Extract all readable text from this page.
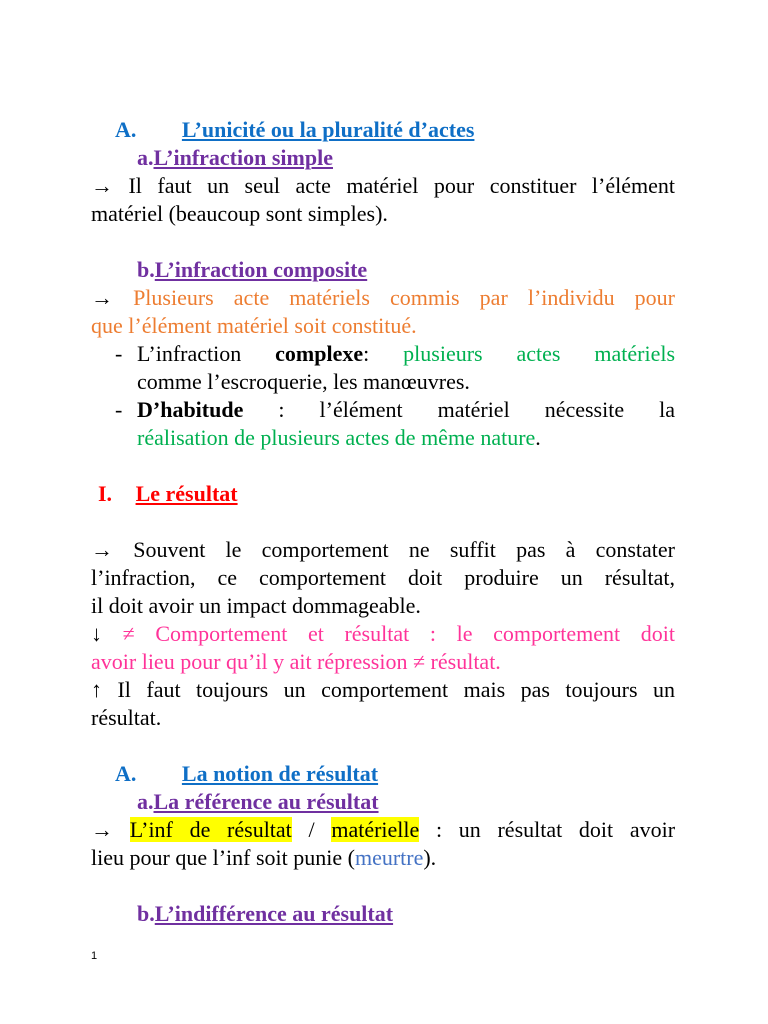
A. L’unicité ou la pluralité d’actes
a.L’infraction simple
→ Il faut un seul acte matériel pour constituer l’élément
matériel (beaucoup sont simples).
b.L’infraction composite
→ Plusieurs acte matériels commis par l’individu pour
que l’élément matériel soit constitué.
- L’infraction complexe: plusieurs actes matériels
comme l’escroquerie, les manœuvres.
- D’habitude : l’élément matériel nécessite la
réalisation de plusieurs actes de même nature.
I. Le résultat
→ Souvent le comportement ne suffit pas à constater
l’infraction, ce comportement doit produire un résultat,
il doit avoir un impact dommageable.
↓ ≠ Comportement et résultat : le comportement doit
avoir lieu pour qu’il y ait répression ≠ résultat.
↑ Il faut toujours un comportement mais pas toujours un
résultat.
A. La notion de résultat
a.La référence au résultat
→ L’inf de résultat / matérielle : un résultat doit avoir
lieu pour que l’inf soit punie (meurtre).
b.L’indifférence au résultat
1
